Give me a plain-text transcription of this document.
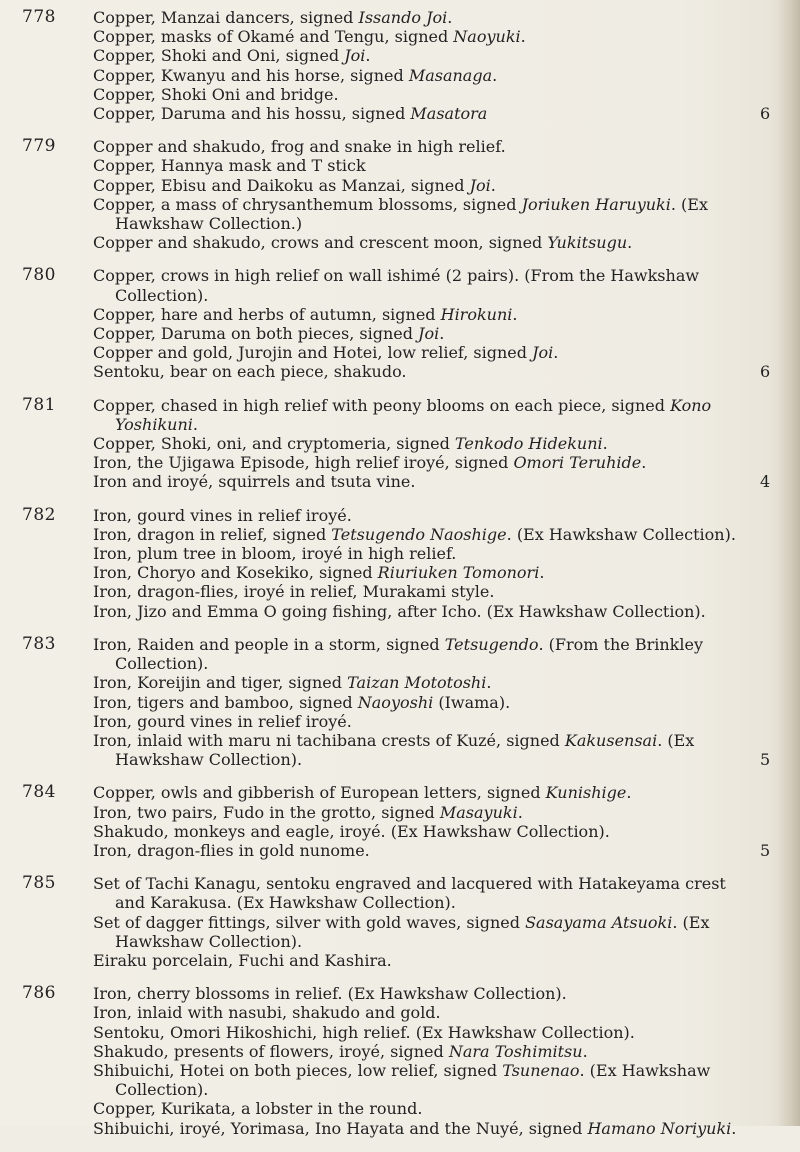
778	Copper, Manzai dancers, signed Issando Joi.
Copper, masks of Okamé and Tengu, signed Naoyuki.
Copper, Shoki and Oni, signed Joi.
Copper, Kwanyu and his horse, signed Masanaga.
Copper, Shoki Oni and bridge.
Copper, Daruma and his hossu, signed Masatora	6
779	Copper and shakudo, frog and snake in high relief.
Copper, Hannya mask and T stick
Copper, Ebisu and Daikoku as Manzai, signed Joi.
Copper, a mass of chrysanthemum blossoms, signed Joriuken Haruyuki. (Ex Hawkshaw Collection.)
Copper and shakudo, crows and crescent moon, signed Yukitsugu.
780	Copper, crows in high relief on wall ishimé (2 pairs). (From the Hawkshaw Collection).
Copper, hare and herbs of autumn, signed Hirokuni.
Copper, Daruma on both pieces, signed Joi.
Copper and gold, Jurojin and Hotei, low relief, signed Joi.
Sentoku, bear on each piece, shakudo.	6
781	Copper, chased in high relief with peony blooms on each piece, signed Kono Yoshikuni.
Copper, Shoki, oni, and cryptomeria, signed Tenkodo Hidekuni.
Iron, the Ujigawa Episode, high relief iroyé, signed Omori Teruhide.
Iron and iroyé, squirrels and tsuta vine.	4
782	Iron, gourd vines in relief iroyé.
Iron, dragon in relief, signed Tetsugendo Naoshige. (Ex Hawkshaw Collection).
Iron, plum tree in bloom, iroyé in high relief.
Iron, Choryo and Kosekiko, signed Riuriuken Tomonori.
Iron, dragon-flies, iroyé in relief, Murakami style.
Iron, Jizo and Emma O going fishing, after Icho. (Ex Hawkshaw Collection).
783	Iron, Raiden and people in a storm, signed Tetsugendo. (From the Brinkley Collection).
Iron, Koreijin and tiger, signed Taizan Mototoshi.
Iron, tigers and bamboo, signed Naoyoshi (Iwama).
Iron, gourd vines in relief iroyé.
Iron, inlaid with maru ni tachibana crests of Kuzé, signed Kakusensai. (Ex Hawkshaw Collection).	5
784	Copper, owls and gibberish of European letters, signed Kunishige.
Iron, two pairs, Fudo in the grotto, signed Masayuki.
Shakudo, monkeys and eagle, iroyé. (Ex Hawkshaw Collection).
Iron, dragon-flies in gold nunome.	5
785	Set of Tachi Kanagu, sentoku engraved and lacquered with Hatakeyama crest and Karakusa. (Ex Hawkshaw Collection).
Set of dagger fittings, silver with gold waves, signed Sasayama Atsuoki. (Ex Hawkshaw Collection).
Eiraku porcelain, Fuchi and Kashira.
786	Iron, cherry blossoms in relief. (Ex Hawkshaw Collection).
Iron, inlaid with nasubi, shakudo and gold.
Sentoku, Omori Hikoshichi, high relief. (Ex Hawkshaw Collection).
Shakudo, presents of flowers, iroyé, signed Nara Toshimitsu.
Shibuichi, Hotei on both pieces, low relief, signed Tsunenao. (Ex Hawkshaw Collection).
Copper, Kurikata, a lobster in the round.
Shibuichi, iroyé, Yorimasa, Ino Hayata and the Nuyé, signed Hamano Noriyuki.
